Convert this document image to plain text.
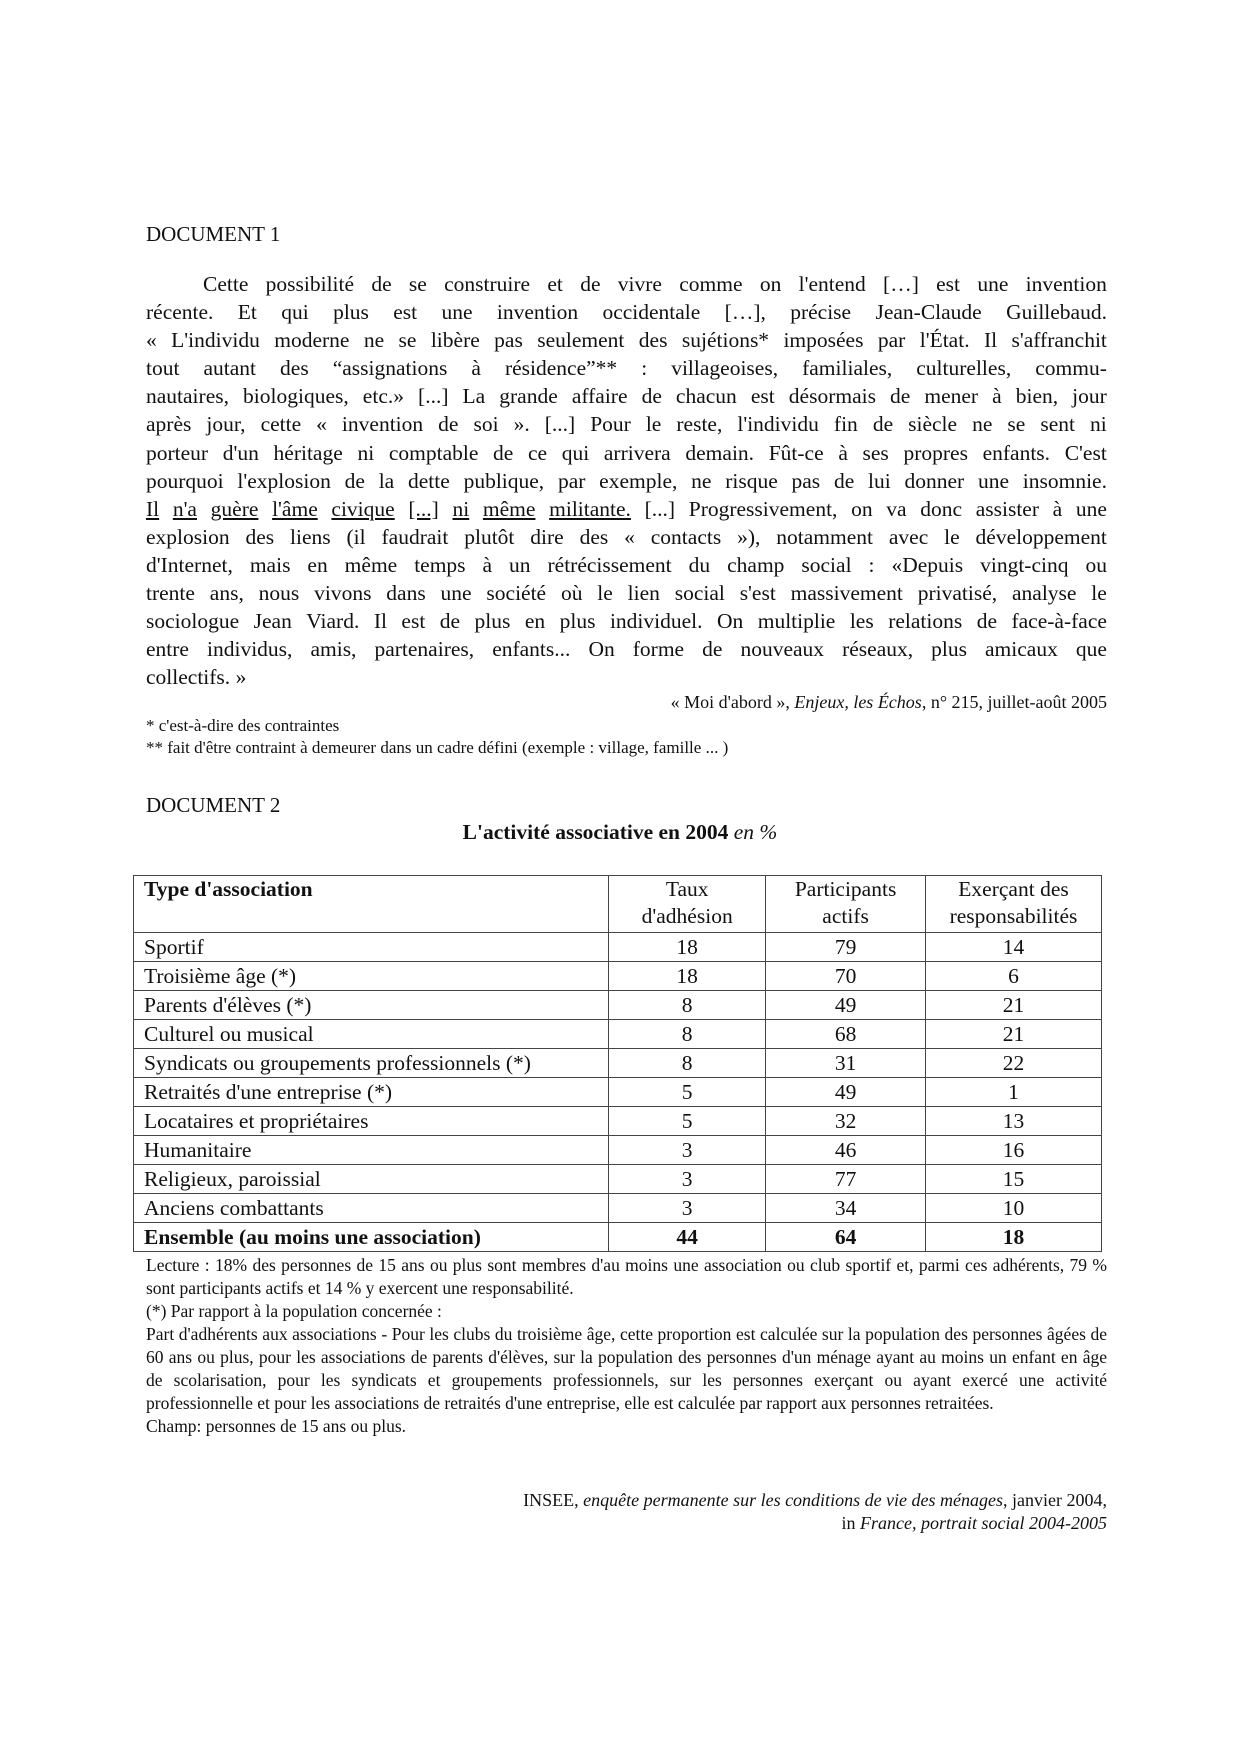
DOCUMENT 1
Cette possibilité de se construire et de vivre comme on l'entend […] est une invention
récente. Et qui plus est une invention occidentale […], précise Jean-Claude Guillebaud.
« L'individu moderne ne se libère pas seulement des sujétions* imposées par l'État. Il s'affranchit
tout autant des “assignations à résidence”** : villageoises, familiales, culturelles, commu-
nautaires, biologiques, etc.» [...] La grande affaire de chacun est désormais de mener à bien, jour
après jour, cette « invention de soi ». [...] Pour le reste, l'individu fin de siècle ne se sent ni
porteur d'un héritage ni comptable de ce qui arrivera demain. Fût-ce à ses propres enfants. C'est
pourquoi l'explosion de la dette publique, par exemple, ne risque pas de lui donner une insomnie.
Il n'a guère l'âme civique [...] ni même militante. [...] Progressivement, on va donc assister à une
explosion des liens (il faudrait plutôt dire des « contacts »), notamment avec le développement
d'Internet, mais en même temps à un rétrécissement du champ social : «Depuis vingt-cinq ou
trente ans, nous vivons dans une société où le lien social s'est massivement privatisé, analyse le
sociologue Jean Viard. Il est de plus en plus individuel. On multiplie les relations de face-à-face
entre individus, amis, partenaires, enfants... On forme de nouveaux réseaux, plus amicaux que
collectifs. »
« Moi d'abord », Enjeux, les Échos, n° 215, juillet-août 2005
* c'est-à-dire des contraintes
** fait d'être contraint à demeurer dans un cadre défini (exemple : village, famille ... )
DOCUMENT 2
L'activité associative en 2004 en %
Type d'association	Taux d'adhésion	Participants actifs	Exerçant des responsabilités
Sportif	18	79	14
Troisième âge (*)	18	70	6
Parents d'élèves (*)	8	49	21
Culturel ou musical	8	68	21
Syndicats ou groupements professionnels (*)	8	31	22
Retraités d'une entreprise (*)	5	49	1
Locataires et propriétaires	5	32	13
Humanitaire	3	46	16
Religieux, paroissial	3	77	15
Anciens combattants	3	34	10
Ensemble (au moins une association)	44	64	18
Lecture : 18% des personnes de 15 ans ou plus sont membres d'au moins une association ou club sportif et, parmi ces adhérents, 79 % sont participants actifs et 14 % y exercent une responsabilité.
(*) Par rapport à la population concernée :
Part d'adhérents aux associations - Pour les clubs du troisième âge, cette proportion est calculée sur la population des personnes âgées de 60 ans ou plus, pour les associations de parents d'élèves, sur la population des personnes d'un ménage ayant au moins un enfant en âge de scolarisation, pour les syndicats et groupements professionnels, sur les personnes exerçant ou ayant exercé une activité professionnelle et pour les associations de retraités d'une entreprise, elle est calculée par rapport aux personnes retraitées.
Champ: personnes de 15 ans ou plus.
INSEE, enquête permanente sur les conditions de vie des ménages, janvier 2004,
in France, portrait social 2004-2005
